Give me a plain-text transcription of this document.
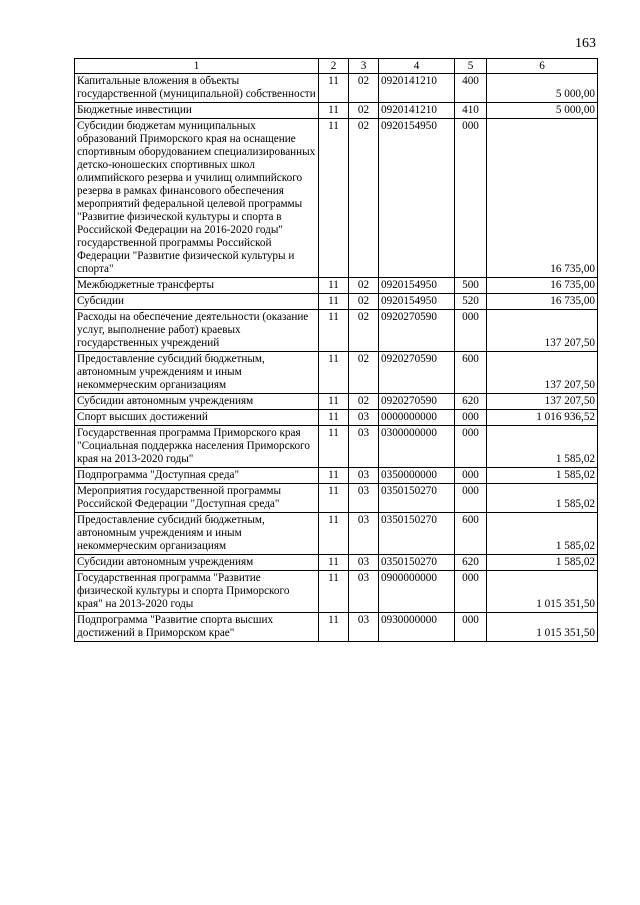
163
1	2	3	4	5	6
Капитальные вложения в объекты государственной (муниципальной) собственности	11	02	0920141210	400	5 000,00
Бюджетные инвестиции	11	02	0920141210	410	5 000,00
Субсидии бюджетам муниципальных образований Приморского края на оснащение спортивным оборудованием специализированных детско-юношеских спортивных школ олимпийского резерва и училищ олимпийского резерва в рамках финансового обеспечения мероприятий федеральной целевой программы "Развитие физической культуры и спорта в Российской Федерации на 2016-2020 годы" государственной программы Российской Федерации "Развитие физической культуры и спорта"	11	02	0920154950	000	16 735,00
Межбюджетные трансферты	11	02	0920154950	500	16 735,00
Субсидии	11	02	0920154950	520	16 735,00
Расходы на обеспечение деятельности (оказание услуг, выполнение работ) краевых государственных учреждений	11	02	0920270590	000	137 207,50
Предоставление субсидий бюджетным, автономным учреждениям и иным некоммерческим организациям	11	02	0920270590	600	137 207,50
Субсидии автономным учреждениям	11	02	0920270590	620	137 207,50
Спорт высших достижений	11	03	0000000000	000	1 016 936,52
Государственная программа Приморского края "Социальная поддержка населения Приморского края на 2013-2020 годы"	11	03	0300000000	000	1 585,02
Подпрограмма "Доступная среда"	11	03	0350000000	000	1 585,02
Мероприятия государственной программы Российской Федерации "Доступная среда"	11	03	0350150270	000	1 585,02
Предоставление субсидий бюджетным, автономным учреждениям и иным некоммерческим организациям	11	03	0350150270	600	1 585,02
Субсидии автономным учреждениям	11	03	0350150270	620	1 585,02
Государственная программа "Развитие физической культуры и спорта Приморского края" на 2013-2020 годы	11	03	0900000000	000	1 015 351,50
Подпрограмма "Развитие спорта высших достижений в Приморском крае"	11	03	0930000000	000	1 015 351,50
